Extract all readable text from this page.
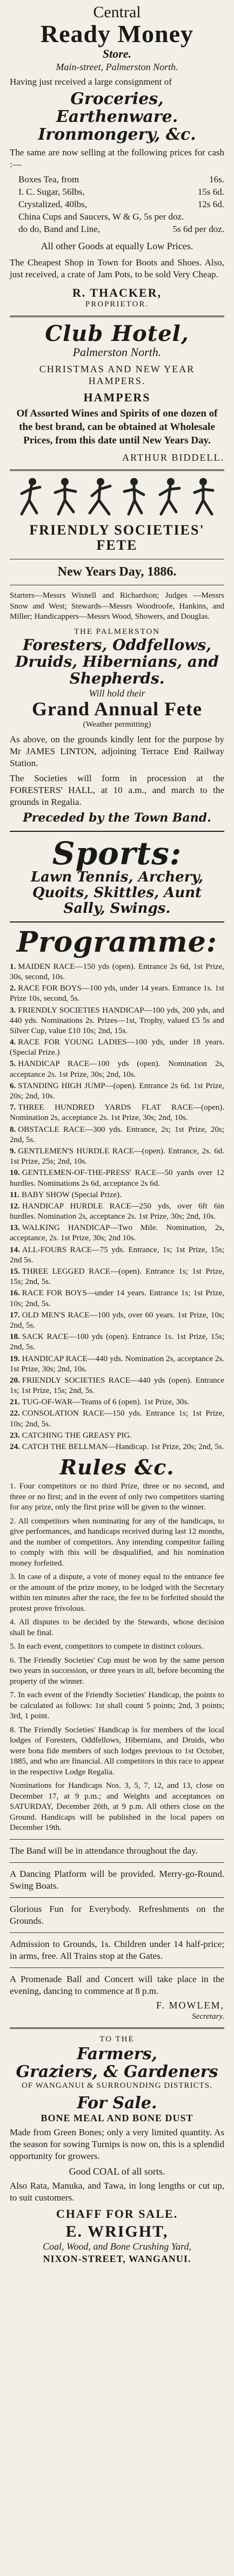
Central
Ready Money
Store.
Main-street, Palmerston North.
Having just received a large consignment of
Groceries,
Earthenware.
Ironmongery, &c.
The same are now selling at the following prices for cash :—
Boxes Tea, from	16s.
I. C. Sugar, 56lbs,	15s 6d.
Crystalized, 40lbs,	12s 6d.
China Cups and Saucers, W & G, 5s per doz.
do do, Band and Line,	5s 6d per doz.
All other Goods at equally Low Prices.
The Cheapest Shop in Town for Boots and Shoes. Also, just received, a crate of Jam Pots, to be sold Very Cheap.
R. THACKER,
PROPRIETOR.
Club Hotel,
Palmerston North.
CHRISTMAS AND NEW YEAR HAMPERS.
HAMPERS
Of Assorted Wines and Spirits of one dozen of the best brand, can be obtained at Wholesale Prices, from this date until New Years Day.
ARTHUR BIDDELL.
FRIENDLY SOCIETIES' FETE
New Years Day, 1886.
Starters—Messrs Wisnell and Richardson; Judges —Messrs Snow and West; Stewards—Messrs Woodroofe, Hankins, and Miller; Handicappers—Messrs Wood, Showers, and Douglas.
THE PALMERSTON
Foresters, Oddfellows, Druids, Hibernians, and Shepherds.
Will hold their
Grand Annual Fete
(Weather permitting)
As above, on the grounds kindly lent for the purpose by Mr JAMES LINTON, adjoining Terrace End Railway Station.
The Societies will form in procession at the FORESTERS' HALL, at 10 a.m., and march to the grounds in Regalia.
Preceded by the Town Band.
Sports:
Lawn Tennis, Archery, Quoits, Skittles, Aunt Sally, Swings.
Programme:
1. MAIDEN RACE—150 yds (open). Entrance 2s 6d, 1st Prize, 30s, second, 10s.
2. RACE FOR BOYS—100 yds, under 14 years. Entrance 1s. 1st Prize 10s, second, 5s.
3. FRIENDLY SOCIETIES HANDICAP—100 yds, 200 yds, and 440 yds. Nominations 2s. Prizes—1st, Trophy, valued £5 5s and Silver Cup, value £10 10s; 2nd, 15s.
4. RACE FOR YOUNG LADIES—100 yds, under 18 years. (Special Prize.)
5. HANDICAP RACE—100 yds (open). Nomination 2s, acceptance 2s. 1st Prize, 30s; 2nd, 10s.
6. STANDING HIGH JUMP—(open). Entrance 2s 6d. 1st Prize, 20s; 2nd, 10s.
7. THREE HUNDRED YARDS FLAT RACE—(open). Nomination 2s, acceptance 2s. 1st Prize, 30s; 2nd, 10s.
8. OBSTACLE RACE—300 yds. Entrance, 2s; 1st Prize, 20s; 2nd, 5s.
9. GENTLEMEN'S HURDLE RACE—(open). Entrance, 2s. 6d. 1st Prize, 25s; 2nd, 10s.
10. GENTLEMEN-OF-THE-PRESS' RACE—50 yards over 12 hurdles. Nominations 2s 6d, acceptance 2s 6d.
11. BABY SHOW (Special Prize).
12. HANDICAP HURDLE RACE—250 yds, over 6ft 6in hurdles. Nomination 2s, acceptance 2s. 1st Prize, 30s; 2nd, 10s.
13. WALKING HANDICAP—Two Mile. Nomination, 2s, acceptance, 2s. 1st Prize, 30s; 2nd 10s.
14. ALL-FOURS RACE—75 yds. Entrance, 1s; 1st Prize, 15s; 2nd 5s.
15. THREE LEGGED RACE—(open). Entrance 1s; 1st Prize, 15s; 2nd, 5s.
16. RACE FOR BOYS—under 14 years. Entrance 1s; 1st Prize, 10s; 2nd, 5s.
17. OLD MEN'S RACE—100 yds, over 60 years. 1st Prize, 10s; 2nd, 5s.
18. SACK RACE—100 yds (open). Entrance 1s. 1st Prize, 15s; 2nd, 5s.
19. HANDICAP RACE—440 yds. Nomination 2s, acceptance 2s. 1st Prize, 30s; 2nd, 10s.
20. FRIENDLY SOCIETIES RACE—440 yds (open). Entrance 1s; 1st Prize, 15s; 2nd, 5s.
21. TUG-OF-WAR—Teams of 6 (open). 1st Prize, 30s.
22. CONSOLATION RACE—150 yds. Entrance 1s; 1st Prize, 10s; 2nd, 5s.
23. CATCHING THE GREASY PIG.
24. CATCH THE BELLMAN—Handicap. 1st Prize, 20s; 2nd, 5s.
Rules &c.
1. Four competitors or no third Prize, three or no second, and three or no first; and in the event of only two competitors starting for any prize, only the first prize will be given to the winner.
2. All competitors when nominating for any of the handicaps, to give performances, and handicaps received during last 12 months, and the number of competitors. Any intending competitor failing to comply with this will be disqualified, and his nomination money forfeited.
3. In case of a dispute, a vote of money equal to the entrance fee or the amount of the prize money, to be lodged with the Secretary within ten minutes after the race, the fee to be forfeited should the protest prove frivolous.
4. All disputes to be decided by the Stewards, whose decision shall be final.
5. In each event, competitors to compete in distinct colours.
6. The Friendly Societies' Cup must be won by the same person two years in succession, or three years in all, before becoming the property of the winner.
7. In each event of the Friendly Societies' Handicap, the points to be calculated as follows: 1st shall count 5 points; 2nd, 3 points; 3rd, 1 point.
8. The Friendly Societies' Handicap is for members of the local lodges of Foresters, Oddfellows, Hibernians, and Druids, who were bona fide members of such lodges previous to 1st October, 1885, and who are financial. All competitors in this race to appear in the respective Lodge Regalia.
Nominations for Handicaps Nos. 3, 5, 7, 12, and 13, close on December 17, at 9 p.m.; and Weights and acceptances on SATURDAY, December 26th, at 9 p.m. All others close on the Ground. Handicaps will be published in the local papers on December 19th.
The Band will be in attendance throughout the day.
A Dancing Platform will be provided. Merry-go-Round. Swing Boats.
Glorious Fun for Everybody. Refreshments on the Grounds.
Admission to Grounds, 1s. Children under 14 half-price; in arms, free. All Trains stop at the Gates.
A Promenade Ball and Concert will take place in the evening, dancing to commence at 8 p.m.
F. MOWLEM,
Secretary.
TO THE
Farmers,
Graziers, & Gardeners
OF WANGANUI & SURROUNDING DISTRICTS.
For Sale.
BONE MEAL AND BONE DUST
Made from Green Bones; only a very limited quantity. As the season for sowing Turnips is now on, this is a splendid opportunity for growers.
Good COAL of all sorts.
Also Rata, Manuka, and Tawa, in long lengths or cut up, to suit customers.
CHAFF FOR SALE.
E. WRIGHT,
Coal, Wood, and Bone Crushing Yard,
NIXON-STREET, WANGANUI.
